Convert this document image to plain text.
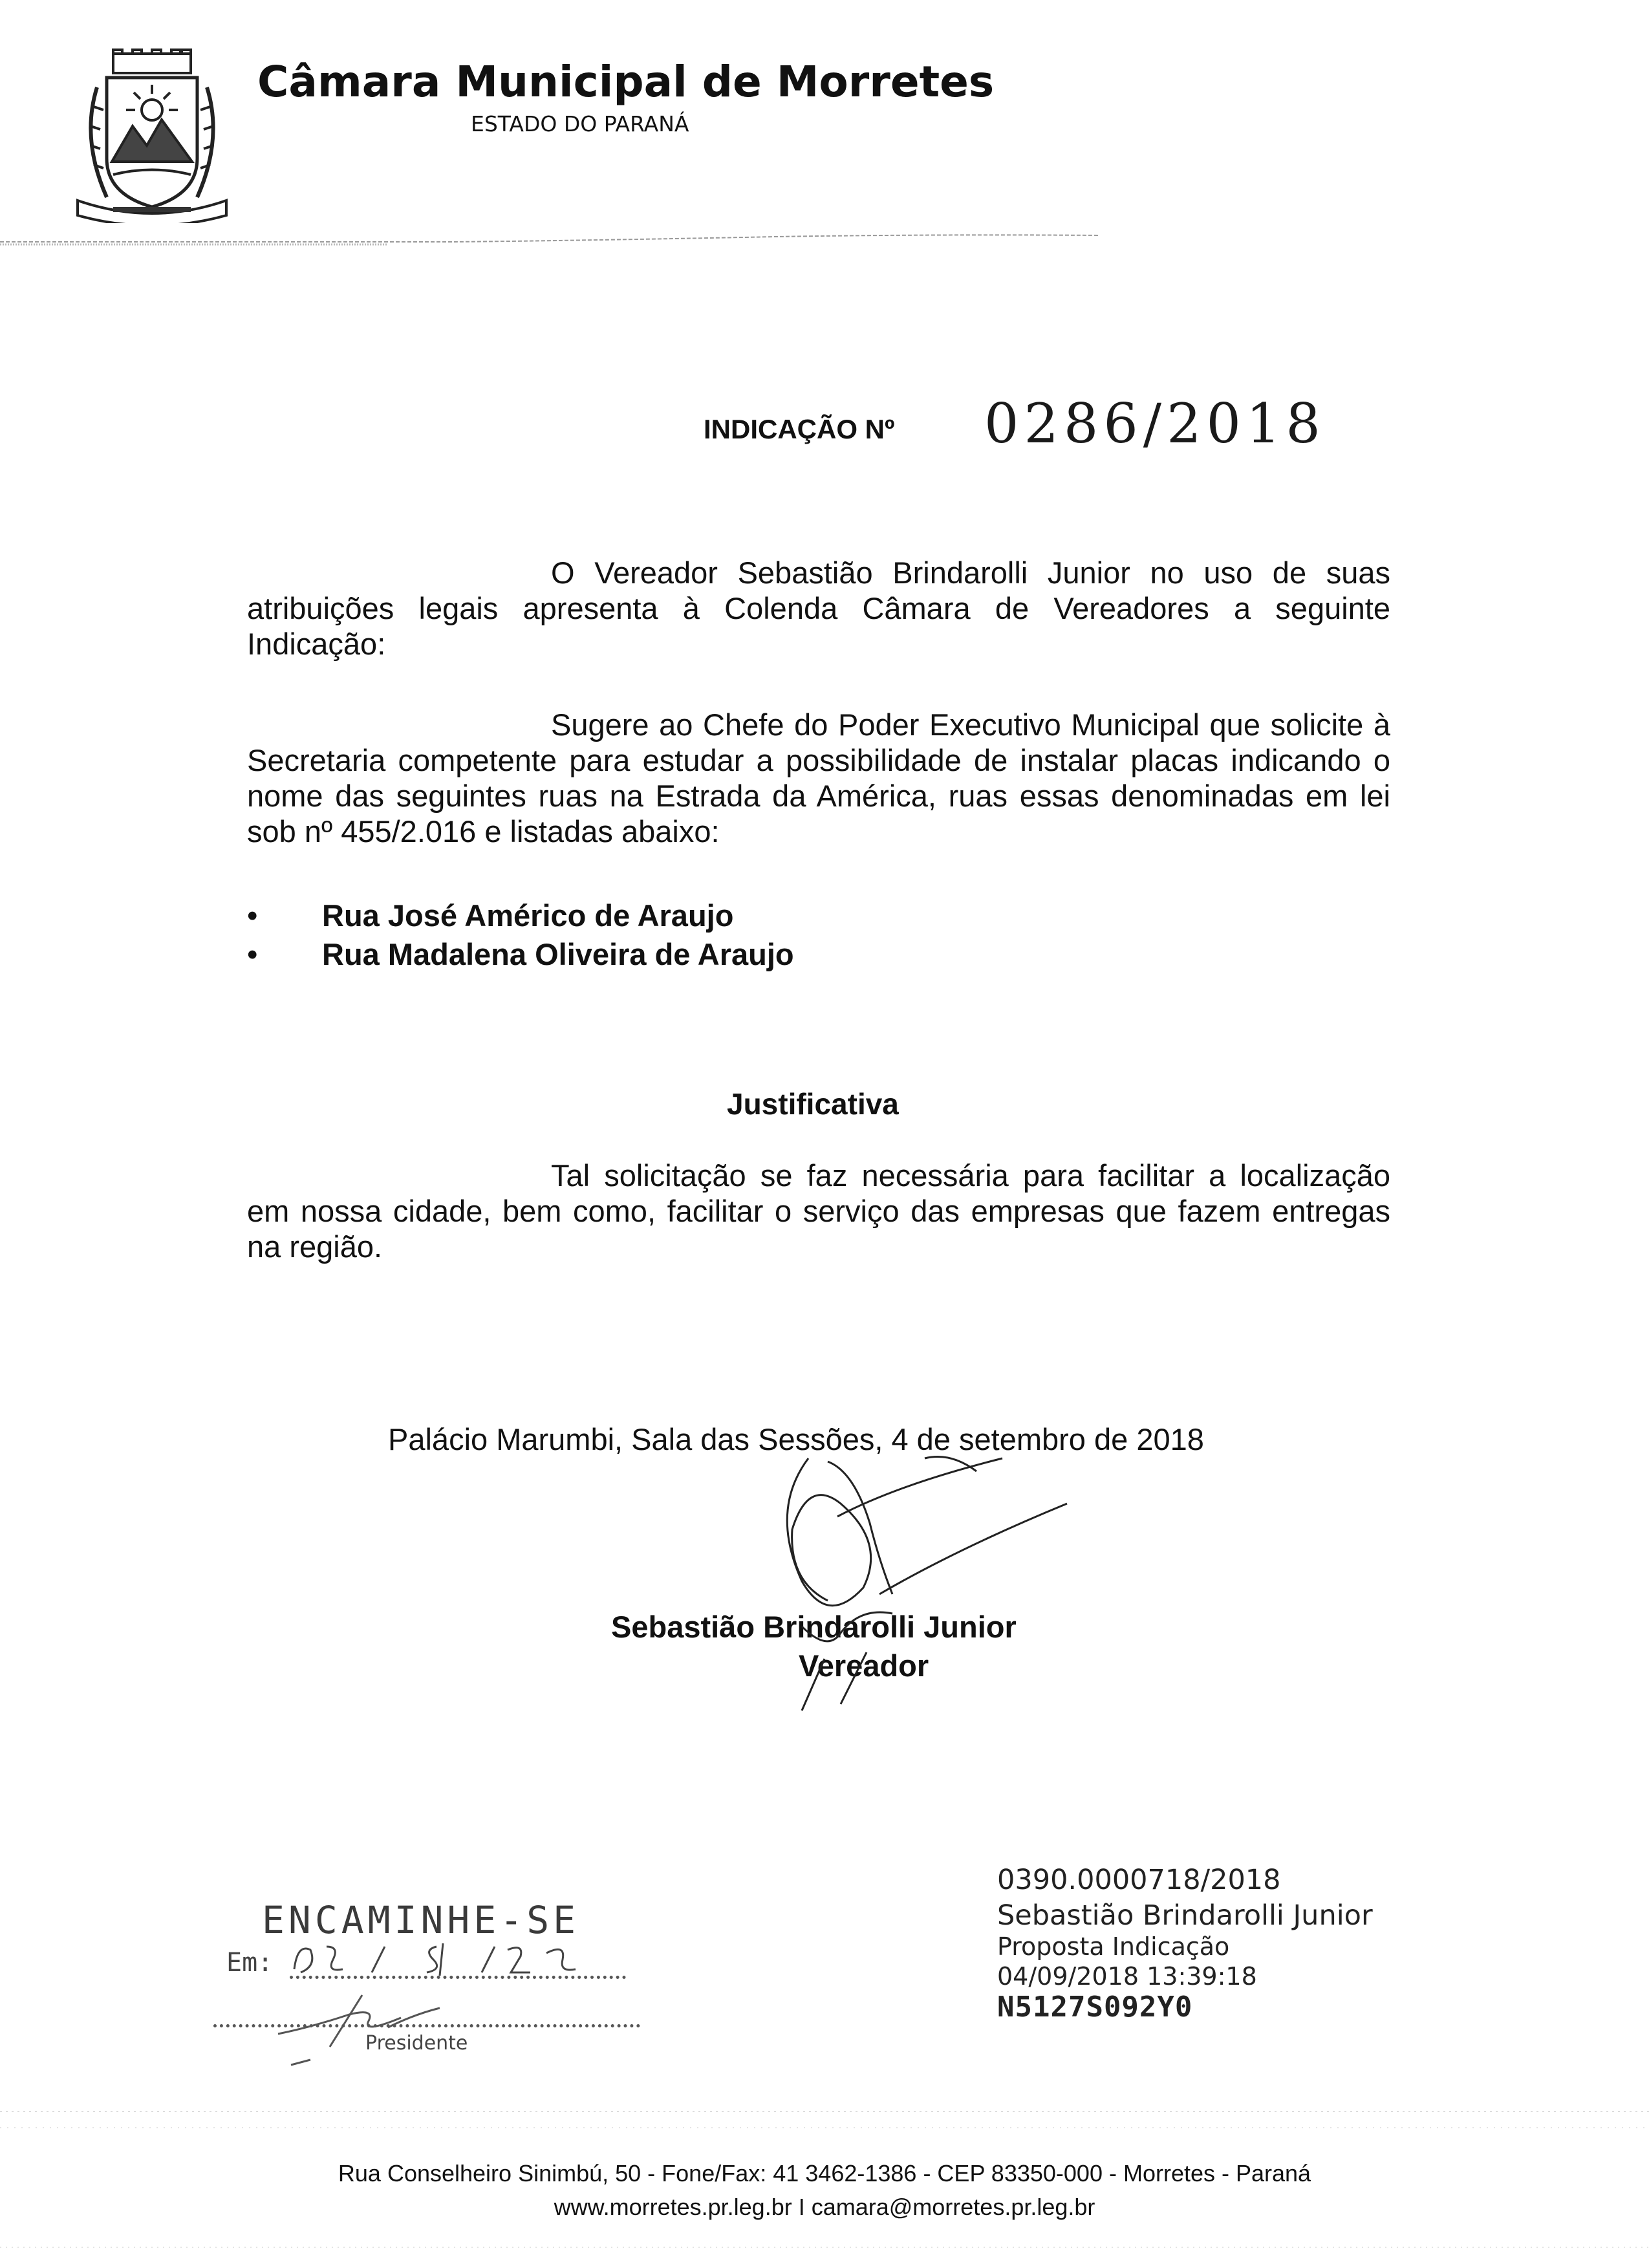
Câmara Municipal de Morretes
ESTADO DO PARANÁ
INDICAÇÃO Nº 0286/2018
O Vereador Sebastião Brindarolli Junior no uso de suas atribuições legais apresenta à Colenda Câmara de Vereadores a seguinte Indicação:
Sugere ao Chefe do Poder Executivo Municipal que solicite à Secretaria competente para estudar a possibilidade de instalar placas indicando o nome das seguintes ruas na Estrada da América, ruas essas denominadas em lei sob nº 455/2.016 e listadas abaixo:
• Rua José Américo de Araujo
• Rua Madalena Oliveira de Araujo
Justificativa
Tal solicitação se faz necessária para facilitar a localização em nossa cidade, bem como, facilitar o serviço das empresas que fazem entregas na região.
Palácio Marumbi, Sala das Sessões, 4 de setembro de 2018
Sebastião Brindarolli Junior
Vereador
ENCAMINHE-SE
Em:
Presidente
0390.0000718/2018
Sebastião Brindarolli Junior
Proposta Indicação
04/09/2018 13:39:18
N5127S092Y0
Rua Conselheiro Sinimbú, 50 - Fone/Fax: 41 3462-1386 - CEP 83350-000 - Morretes - Paraná
www.morretes.pr.leg.br I camara@morretes.pr.leg.br
